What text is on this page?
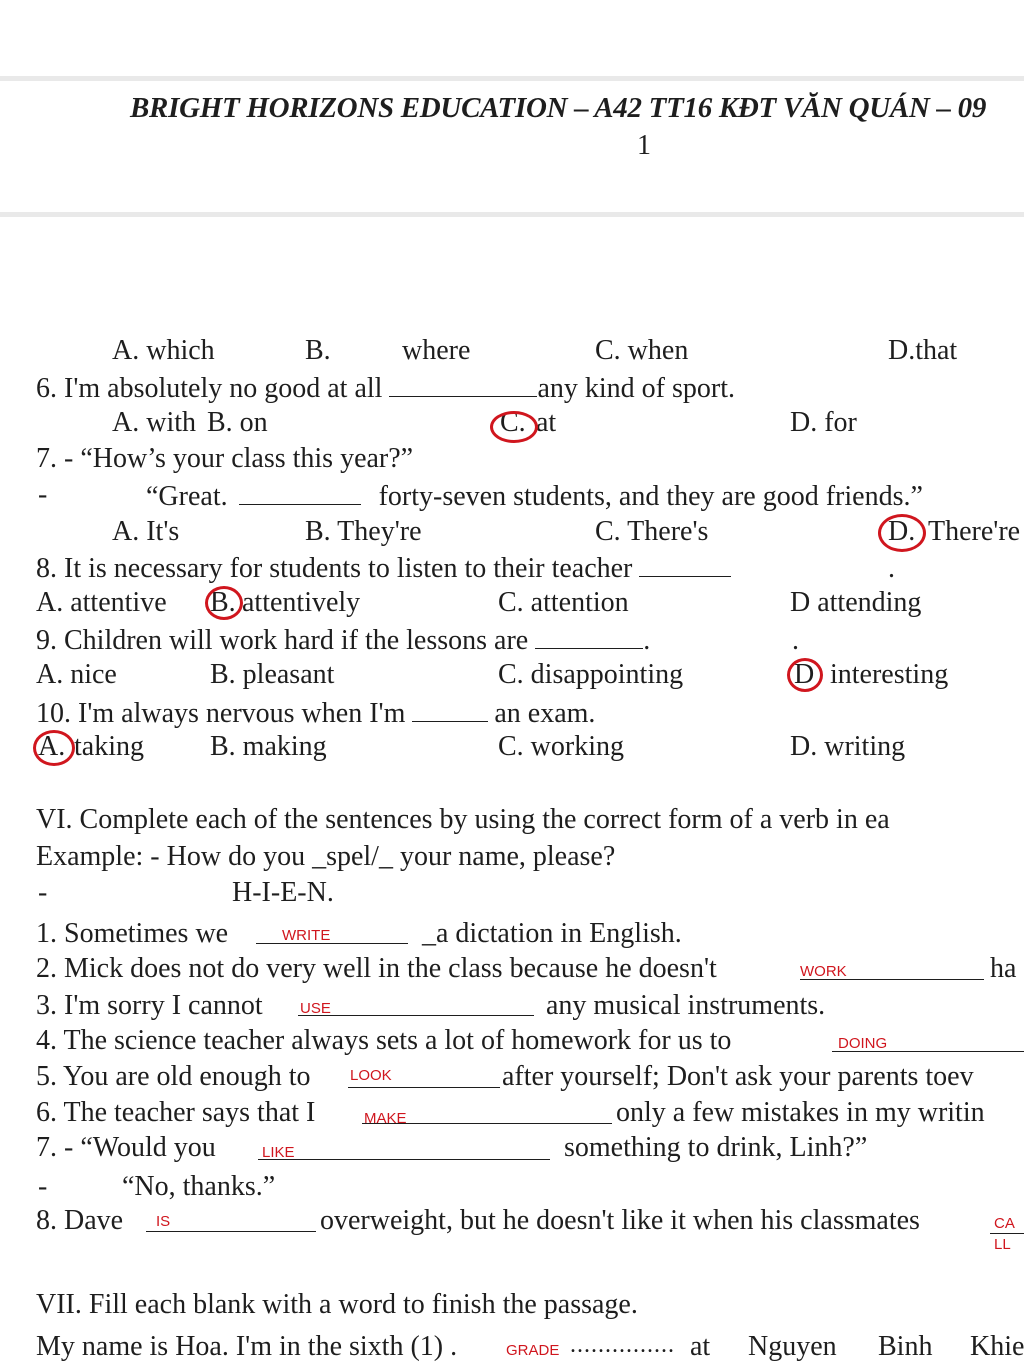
BRIGHT HORIZONS EDUCATION – A42 TT16 KĐT VĂN QUÁN – 09
1
A. which	B.	where	C. when	D.that
6. I'm absolutely no good at all	any kind of sport.
A. with B. on	C. at	D. for
7. - “How’s your class this year?”
-	“Great.	forty-seven students, and they are good friends.”
A. It's	B. They're	C. There's	D. There're
8. It is necessary for students to listen to their teacher	.
A. attentive B. attentively	C. attention	D attending
9. Children will work hard if the lessons are	.	.
A. nice	B. pleasant	C. disappointing	D interesting
10. I'm always nervous when I'm	an exam.
A. taking B. making	C. working	D. writing
VI. Complete each of the sentences by using the correct form of a verb in ea
Example: - How do you _spel/_ your name, please?
-	H-I-E-N.
1. Sometimes we	WRITE	_a dictation in English.
2. Mick does not do very well in the class because he doesn't	WORK	ha
3. I'm sorry I cannot USE	any musical instruments.
4. The science teacher always sets a lot of homework for us to	DOING
5. You are old enough to	LOOK	after yourself; Don't ask your parents toev
6. The teacher says that I	MAKE	only a few mistakes in my writin
7. - “Would you	LIKE	something to drink, Linh?”
-	“No, thanks.”
8. Dave IS	overweight, but he doesn't like it when his classmates	CA
LL
VII. Fill each blank with a word to finish the passage.
My name is Hoa. I'm in the sixth (1) .	GRADE ............... at Nguyen Binh Khie
